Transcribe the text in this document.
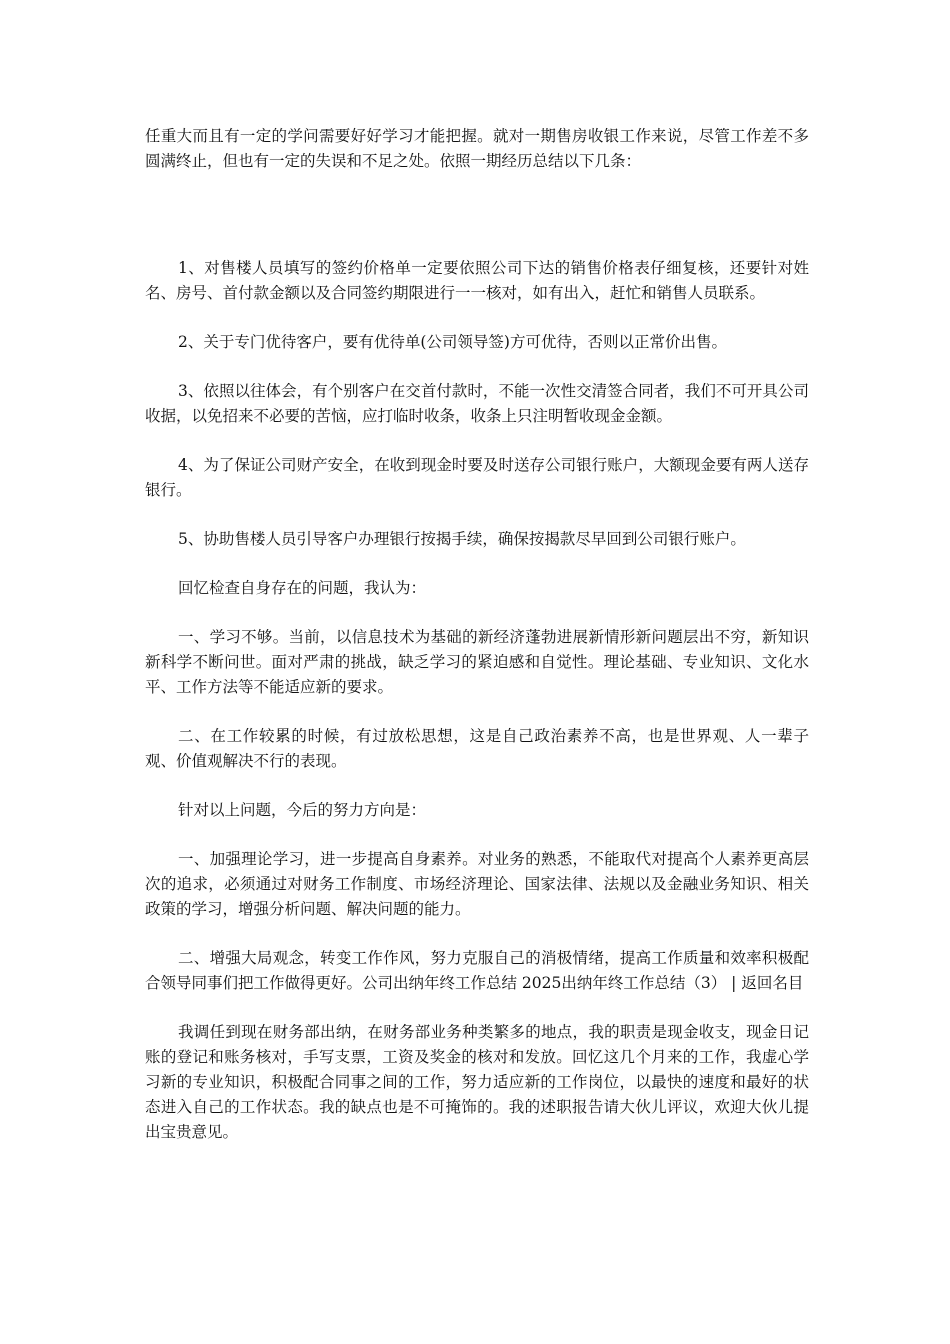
任重大而且有一定的学问需要好好学习才能把握。就对一期售房收银工作来说，尽管工作差不多圆满终止，但也有一定的失误和不足之处。依照一期经历总结以下几条：

1、对售楼人员填写的签约价格单一定要依照公司下达的销售价格表仔细复核，还要针对姓名、房号、首付款金额以及合同签约期限进行一一核对，如有出入，赶忙和销售人员联系。

2、关于专门优待客户，要有优待单(公司领导签)方可优待，否则以正常价出售。

3、依照以往体会，有个别客户在交首付款时，不能一次性交清签合同者，我们不可开具公司收据，以免招来不必要的苦恼，应打临时收条，收条上只注明暂收现金金额。

4、为了保证公司财产安全，在收到现金时要及时送存公司银行账户，大额现金要有两人送存银行。

5、协助售楼人员引导客户办理银行按揭手续，确保按揭款尽早回到公司银行账户。

回忆检查自身存在的问题，我认为：

一、学习不够。当前，以信息技术为基础的新经济蓬勃进展新情形新问题层出不穷，新知识新科学不断问世。面对严肃的挑战，缺乏学习的紧迫感和自觉性。理论基础、专业知识、文化水平、工作方法等不能适应新的要求。

二、在工作较累的时候，有过放松思想，这是自己政治素养不高，也是世界观、人一辈子观、价值观解决不行的表现。

针对以上问题，今后的努力方向是：

一、加强理论学习，进一步提高自身素养。对业务的熟悉，不能取代对提高个人素养更高层次的追求，必须通过对财务工作制度、市场经济理论、国家法律、法规以及金融业务知识、相关政策的学习，增强分析问题、解决问题的能力。

二、增强大局观念，转变工作作风，努力克服自己的消极情绪，提高工作质量和效率积极配合领导同事们把工作做得更好。公司出纳年终工作总结 2025出纳年终工作总结（3） | 返回名目

我调任到现在财务部出纳，在财务部业务种类繁多的地点，我的职责是现金收支，现金日记账的登记和账务核对，手写支票，工资及奖金的核对和发放。回忆这几个月来的工作，我虚心学习新的专业知识，积极配合同事之间的工作，努力适应新的工作岗位，以最快的速度和最好的状态进入自己的工作状态。我的缺点也是不可掩饰的。我的述职报告请大伙儿评议，欢迎大伙儿提出宝贵意见。
